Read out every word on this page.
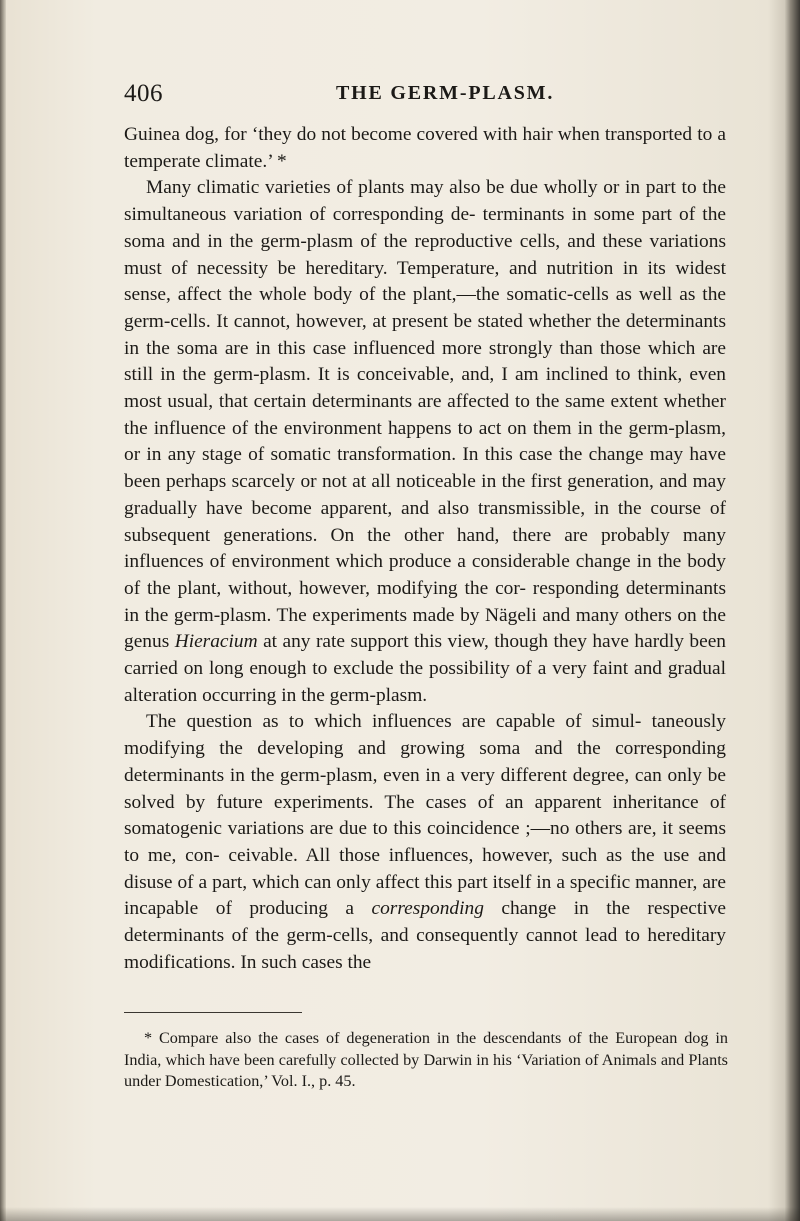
406	THE GERM-PLASM.

Guinea dog, for ‘they do not become covered with hair when transported to a temperate climate.’ *

Many climatic varieties of plants may also be due wholly or in part to the simultaneous variation of corresponding de- terminants in some part of the soma and in the germ-plasm of the reproductive cells, and these variations must of necessity be hereditary. Temperature, and nutrition in its widest sense, affect the whole body of the plant,—the somatic-cells as well as the germ-cells. It cannot, however, at present be stated whether the determinants in the soma are in this case influenced more strongly than those which are still in the germ-plasm. It is conceivable, and, I am inclined to think, even most usual, that certain determinants are affected to the same extent whether the influence of the environment happens to act on them in the germ-plasm, or in any stage of somatic transformation. In this case the change may have been perhaps scarcely or not at all noticeable in the first generation, and may gradually have become apparent, and also transmissible, in the course of subsequent generations. On the other hand, there are probably many influences of environment which produce a considerable change in the body of the plant, without, however, modifying the cor- responding determinants in the germ-plasm. The experiments made by Nägeli and many others on the genus Hieracium at any rate support this view, though they have hardly been carried on long enough to exclude the possibility of a very faint and gradual alteration occurring in the germ-plasm.

The question as to which influences are capable of simul- taneously modifying the developing and growing soma and the corresponding determinants in the germ-plasm, even in a very different degree, can only be solved by future experiments. The cases of an apparent inheritance of somatogenic variations are due to this coincidence ;—no others are, it seems to me, con- ceivable. All those influences, however, such as the use and disuse of a part, which can only affect this part itself in a specific manner, are incapable of producing a corresponding change in the respective determinants of the germ-cells, and consequently cannot lead to hereditary modifications. In such cases the

* Compare also the cases of degeneration in the descendants of the European dog in India, which have been carefully collected by Darwin in his ‘Variation of Animals and Plants under Domestication,’ Vol. I., p. 45.
